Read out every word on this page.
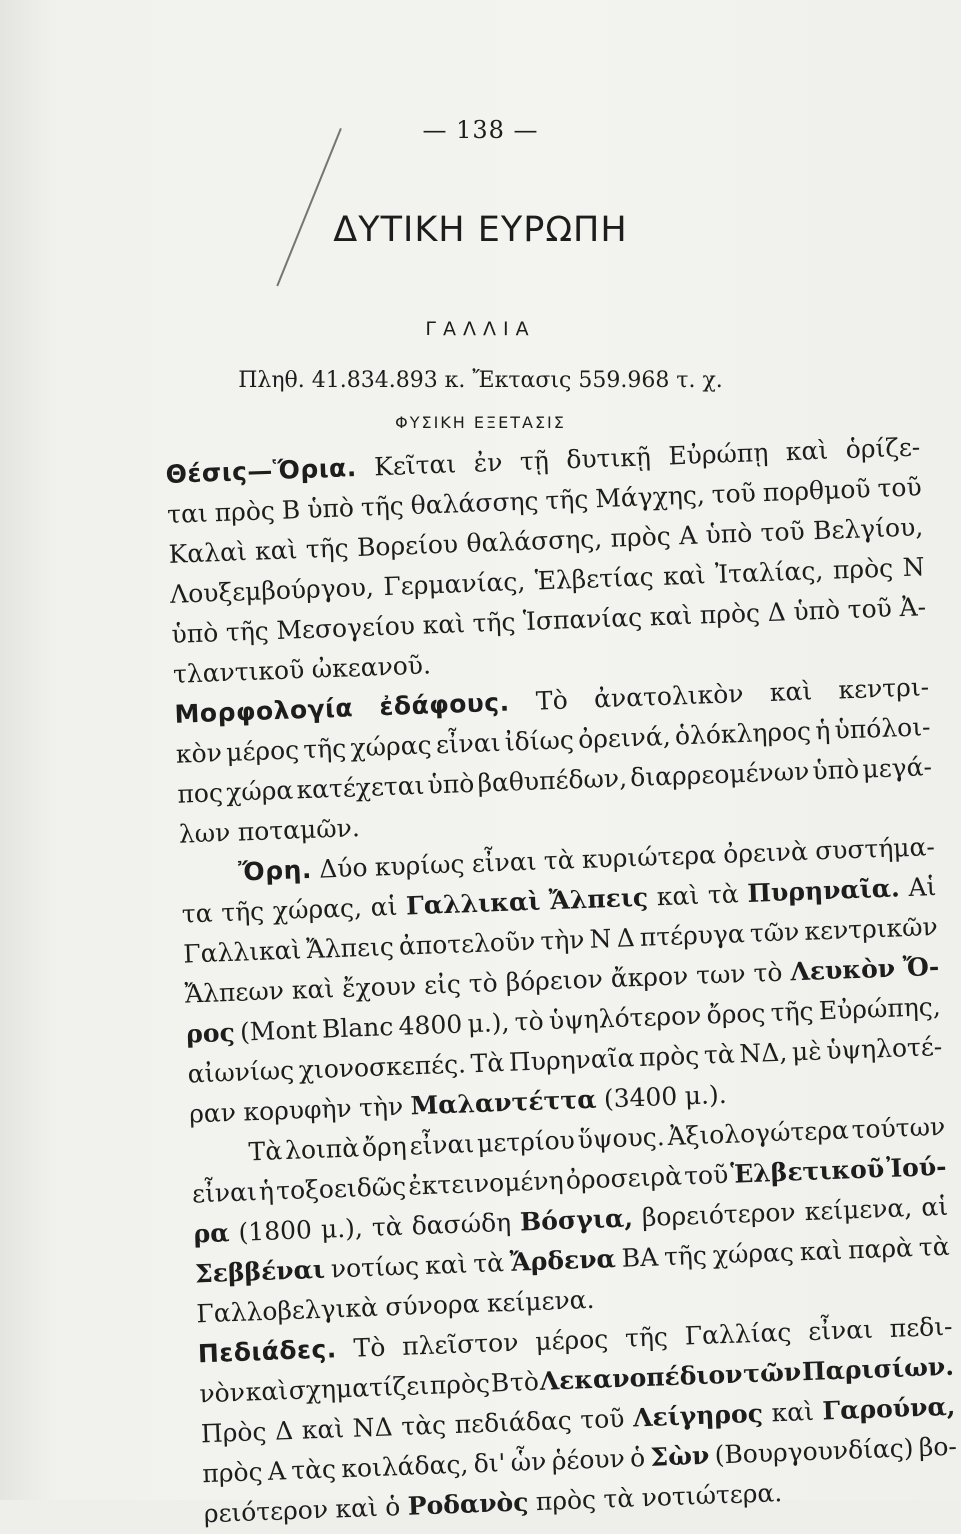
— 138 —
ΔΥΤΙΚΗ ΕΥΡΩΠΗ
ΓΑΛΛΙΑ
Πληθ. 41.834.893 κ. Ἔκτασις 559.968 τ. χ.
ΦΥΣΙΚΗ ΕΞΕΤΑΣΙΣ
Θέσις—Ὅρια. Κεῖται ἐν τῇ δυτικῇ Εὐρώπῃ καὶ ὁρίζε-
ται πρὸς Β ὑπὸ τῆς θαλάσσης τῆς Μάγχης, τοῦ πορθμοῦ τοῦ
Καλαὶ καὶ τῆς Βορείου θαλάσσης, πρὸς Α ὑπὸ τοῦ Βελγίου,
Λουξεμβούργου, Γερμανίας, Ἑλβετίας καὶ Ἰταλίας, πρὸς Ν
ὑπὸ τῆς Μεσογείου καὶ τῆς Ἱσπανίας καὶ πρὸς Δ ὑπὸ τοῦ Ἀ-
τλαντικοῦ ὠκεανοῦ.
Μορφολογία ἐδάφους. Τὸ ἀνατολικὸν καὶ κεντρι-
κὸν μέρος τῆς χώρας εἶναι ἰδίως ὀρεινά, ὁλόκληρος ἡ ὑπόλοι-
πος χώρα κατέχεται ὑπὸ βαθυπέδων, διαρρεομένων ὑπὸ μεγά-
λων ποταμῶν.
Ὄρη. Δύο κυρίως εἶναι τὰ κυριώτερα ὀρεινὰ συστήμα-
τα τῆς χώρας, αἱ Γαλλικαὶ Ἄλπεις καὶ τὰ Πυρηναῖα. Αἱ
Γαλλικαὶ Ἄλπεις ἀποτελοῦν τὴν Ν Δ πτέρυγα τῶν κεντρικῶν
Ἄλπεων καὶ ἔχουν εἰς τὸ βόρειον ἄκρον των τὸ Λευκὸν Ὄ-
ρος (Mont Blanc 4800 μ.), τὸ ὑψηλότερον ὄρος τῆς Εὐρώπης,
αἰωνίως χιονοσκεπές. Τὰ Πυρηναῖα πρὸς τὰ ΝΔ, μὲ ὑψηλοτέ-
ραν κορυφὴν τὴν Μαλαντέττα (3400 μ.).
Τὰ λοιπὰ ὄρη εἶναι μετρίου ὕψους. Ἀξιολογώτερα τούτων
εἶναι ἡ τοξοειδῶς ἐκτεινομένη ὀροσειρὰ τοῦ Ἑλβετικοῦ Ἰού-
ρα (1800 μ.), τὰ δασώδη Βόσγια, βορειότερον κείμενα, αἱ
Σεββέναι νοτίως καὶ τὰ Ἄρδενα ΒΑ τῆς χώρας καὶ παρὰ τὰ
Γαλλοβελγικὰ σύνορα κείμενα.
Πεδιάδες. Τὸ πλεῖστον μέρος τῆς Γαλλίας εἶναι πεδι-
νὸν καὶ σχηματίζει πρὸς Β τὸ Λεκανοπέδιον τῶν Παρισίων.
Πρὸς Δ καὶ ΝΔ τὰς πεδιάδας τοῦ Λείγηρος καὶ Γαρούνα,
πρὸς Α τὰς κοιλάδας, δι' ὧν ῥέουν ὁ Σὼν (Βουργουνδίας) βο-
ρειότερον καὶ ὁ Ροδανὸς πρὸς τὰ νοτιώτερα.
